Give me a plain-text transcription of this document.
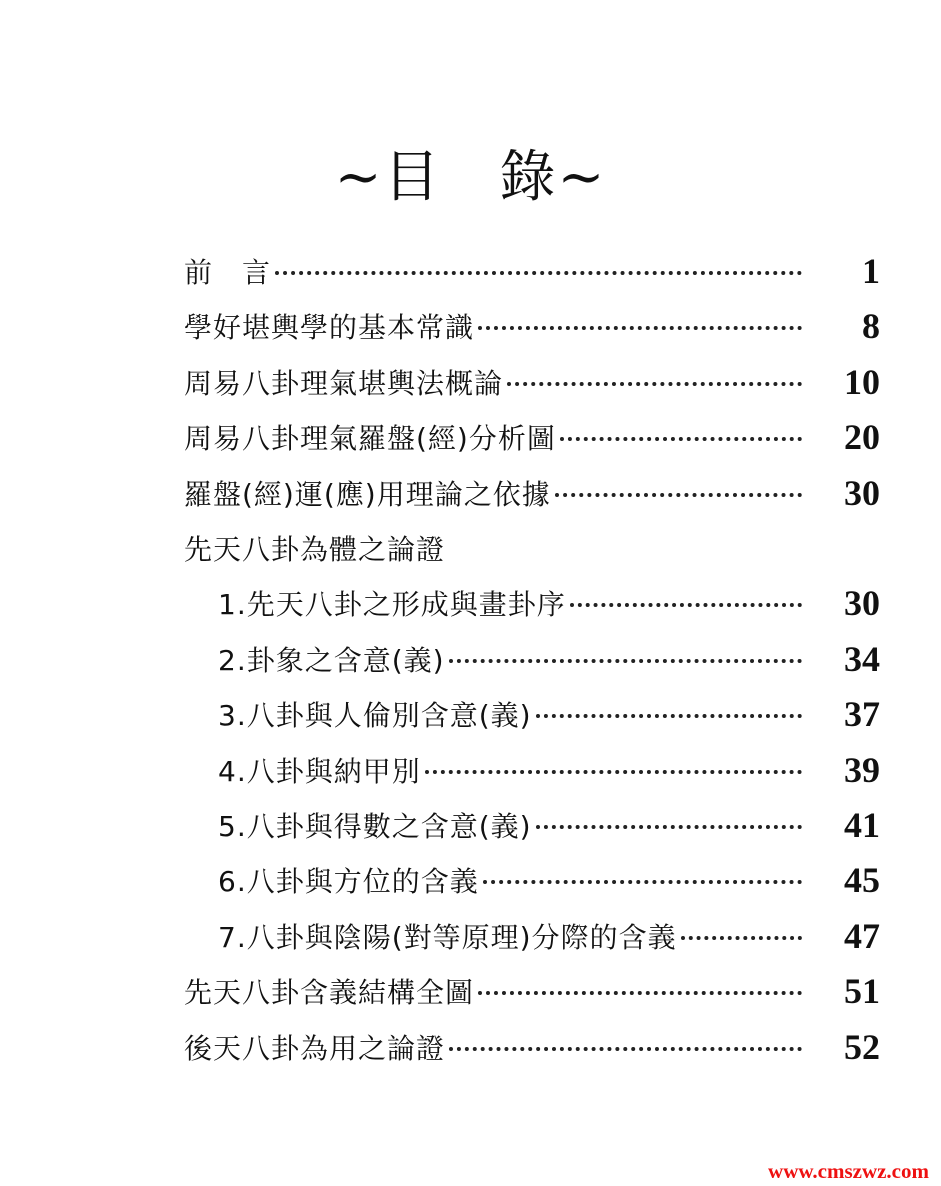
~目　錄~
前　言	1
學好堪輿學的基本常識	8
周易八卦理氣堪輿法概論	10
周易八卦理氣羅盤(經)分析圖	20
羅盤(經)運(應)用理論之依據	30
先天八卦為體之論證
1.先天八卦之形成與畫卦序	30
2.卦象之含意(義)	34
3.八卦與人倫別含意(義)	37
4.八卦與納甲別	39
5.八卦與得數之含意(義)	41
6.八卦與方位的含義	45
7.八卦與陰陽(對等原理)分際的含義	47
先天八卦含義結構全圖	51
後天八卦為用之論證	52
www.cmszwz.com
